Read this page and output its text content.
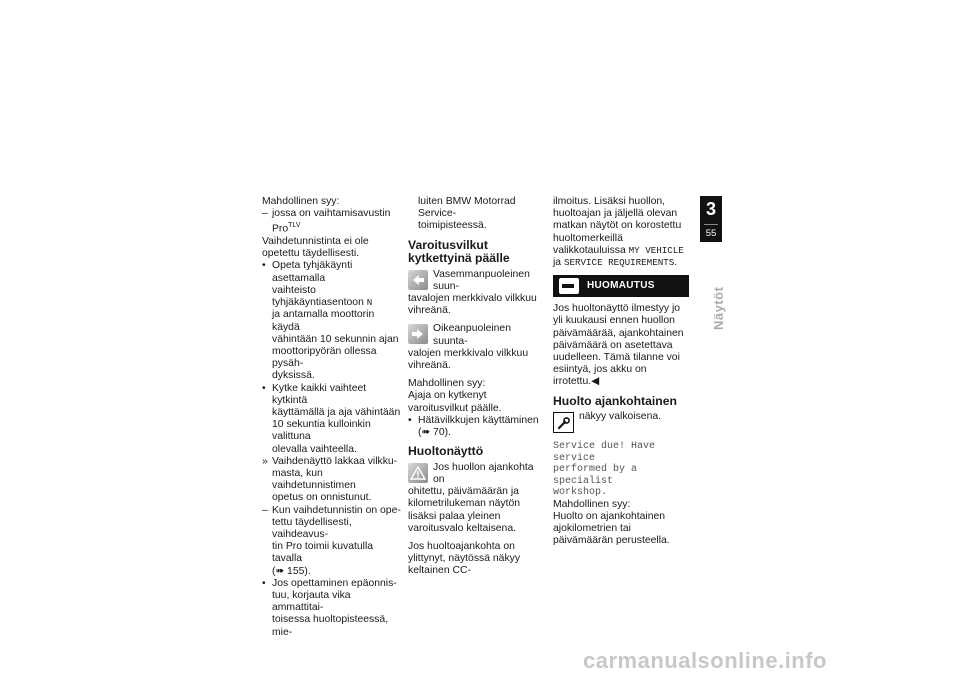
Mahdollinen syy:

– jossa on vaihtamisavustin
Pro$^{TLV}$

Vaihdetunnistinta ei ole opetettu täydellisesti.

• Opeta tyhjäkäynti asettamalla
vaihteisto tyhjäkäyntiasentoon N
ja antamalla moottorin käydä
vähintään 10 sekunnin ajan
moottoripyörän ollessa pysäh-
dyksissä.
• Kytke kaikki vaihteet kytkintä
käyttämällä ja aja vähintään
10 sekuntia kulloinkin valittuna
olevalla vaihteella.
» Vaihdenäyttö lakkaa vilkku-
masta, kun vaihdetunnistimen
opetus on onnistunut.
– Kun vaihdetunnistin on ope-
tettu täydellisesti, vaihdeavus-
tin Pro toimii kuvatulla tavalla
(➠ 155).
• Jos opettaminen epäonnis-
tuu, korjauta vika ammattitai-
toisessa huoltopisteessä, mie-
luiten BMW Motorrad Service-
toimipisteessä.
Varoitusvilkut kytkettyinä päälle
Vasemmanpuoleinen suun-
tavalojen merkkivalo vilkkuu
vihreänä.
Oikeanpuoleinen suunta-
valojen merkkivalo vilkkuu
vihreänä.

Mahdollinen syy:

Ajaja on kytkenyt varoitusvilkut päälle.

• Hätävilkkujen käyttäminen
(➠ 70).
Huoltonäyttö
Jos huollon ajankohta on
ohitettu, päivämäärän ja
kilometrilukeman näytön lisäksi palaa yleinen varoitusvalo keltaisena.

Jos huoltoajankohta on ylittynyt, näytössä näkyy keltainen CC-

ilmoitus. Lisäksi huollon, huoltoajan ja jäljellä olevan matkan näytöt on korostettu huoltomerkeillä valikkotauluissa MY VEHICLE ja SERVICE REQUIREMENTS.

HUOMAUTUS

Jos huoltonäyttö ilmestyy jo yli kuukausi ennen huollon päivämäärää, ajankohtainen päivämäärä on asetettava uudelleen. Tämä tilanne voi esiintyä, jos akku on irrotettu.◀

Huolto ajankohtainen
näkyy valkoisena.
Service due! Have service
performed by a specialist
workshop.

Mahdollinen syy:

Huolto on ajankohtainen ajokilometrien tai päivämäärän perusteella.

3
55
Näytöt
carmanualsonline.info
